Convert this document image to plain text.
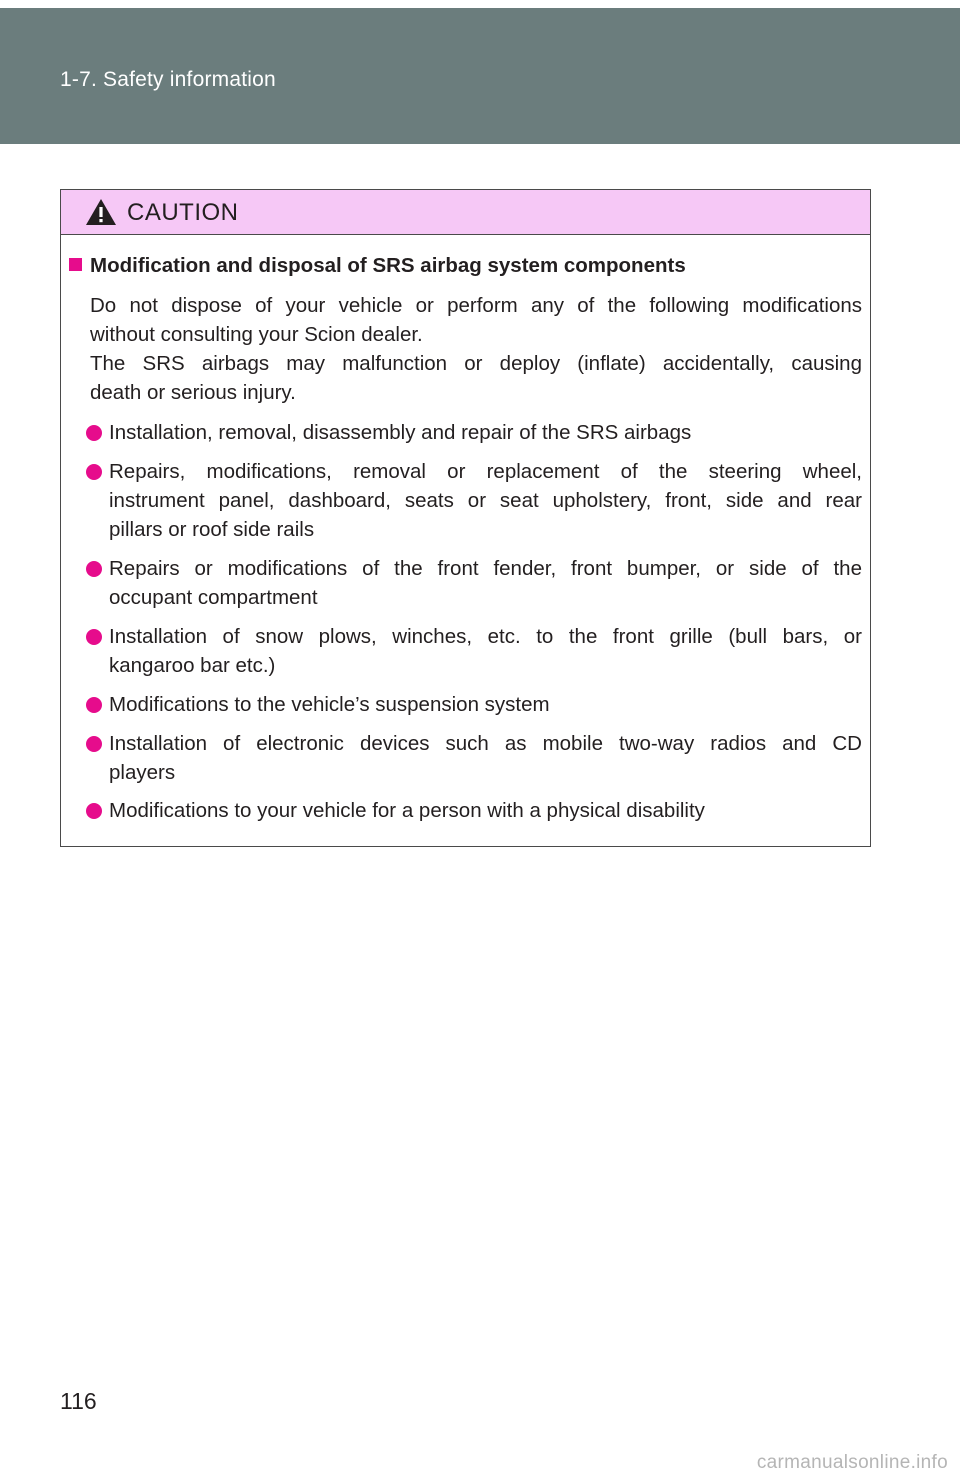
1-7. Safety information
CAUTION
Modification and disposal of SRS airbag system components
Do not dispose of your vehicle or perform any of the following modifications
without consulting your Scion dealer.
The SRS airbags may malfunction or deploy (inflate) accidentally, causing
death or serious injury.
Installation, removal, disassembly and repair of the SRS airbags
Repairs, modifications, removal or replacement of the steering wheel,
instrument panel, dashboard, seats or seat upholstery, front, side and rear
pillars or roof side rails
Repairs or modifications of the front fender, front bumper, or side of the
occupant compartment
Installation of snow plows, winches, etc. to the front grille (bull bars, or
kangaroo bar etc.)
Modifications to the vehicle’s suspension system
Installation of electronic devices such as mobile two-way radios and CD
players
Modifications to your vehicle for a person with a physical disability
116
carmanualsonline.info
